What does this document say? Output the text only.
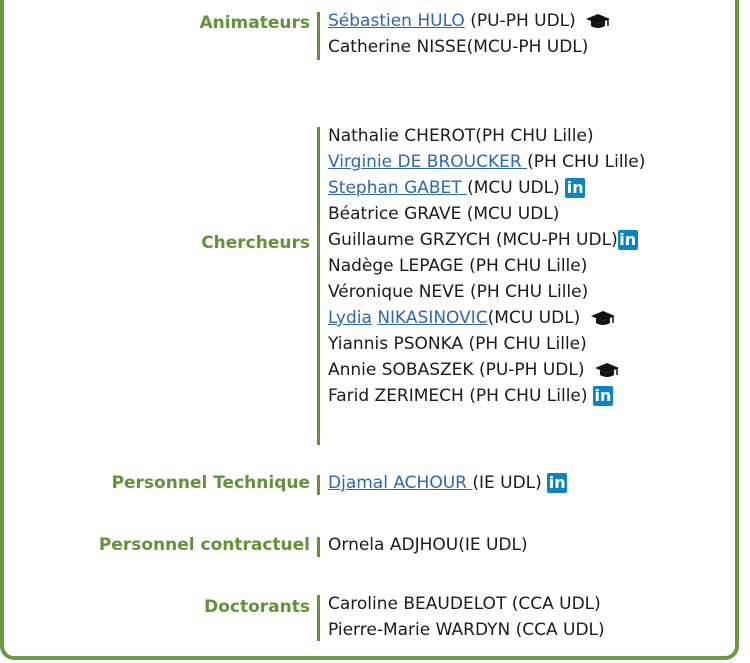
Animateurs Sébastien HULO (PU-PH UDL)
Catherine NISSE(MCU-PH UDL)
Chercheurs
Nathalie CHEROT(PH CHU Lille)
Virginie DE BROUCKER (PH CHU Lille)
Stephan GABET (MCU UDL) in
Béatrice GRAVE (MCU UDL)
Guillaume GRZYCH (MCU-PH UDL)in
Nadège LEPAGE (PH CHU Lille)
Véronique NEVE (PH CHU Lille)
Lydia NIKASINOVIC(MCU UDL)
Yiannis PSONKA (PH CHU Lille)
Annie SOBASZEK (PU-PH UDL)
Farid ZERIMECH (PH CHU Lille) in
Personnel Technique Djamal ACHOUR (IE UDL) in
Personnel contractuel Ornela ADJHOU(IE UDL)
Doctorants Caroline BEAUDELOT (CCA UDL)
Pierre-Marie WARDYN (CCA UDL)
